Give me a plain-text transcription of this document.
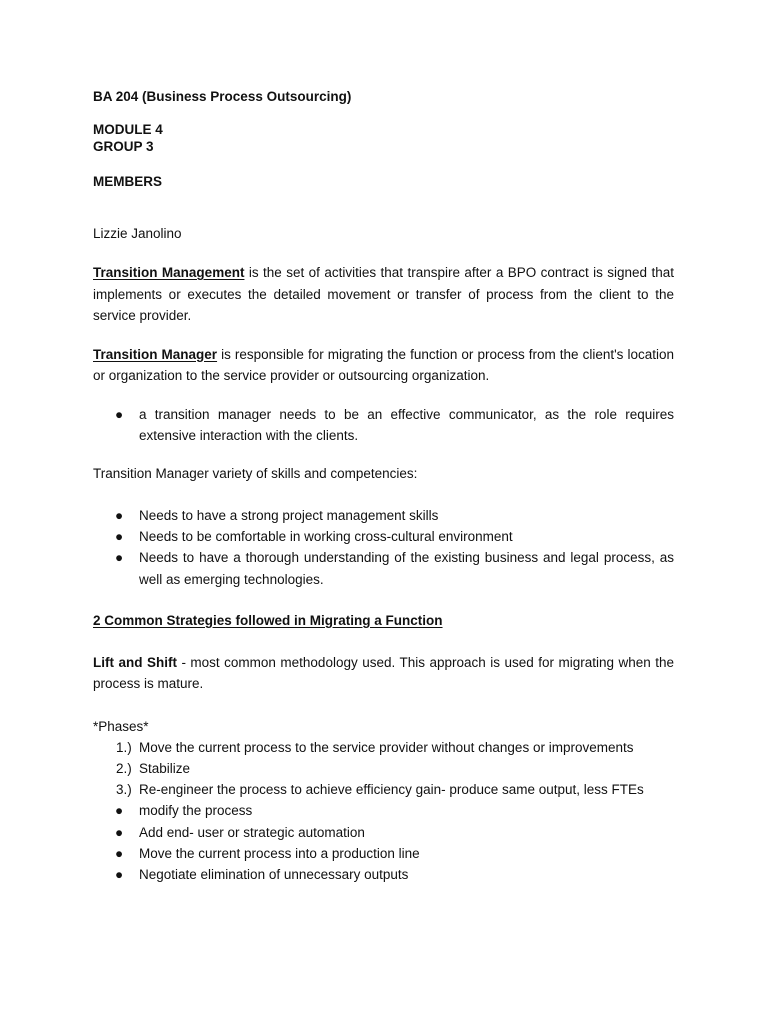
BA 204 (Business Process Outsourcing)

MODULE 4

GROUP 3

MEMBERS

Lizzie Janolino

Transition Management is the set of activities that transpire after a BPO contract is signed that implements or executes the detailed movement or transfer of process from the client to the service provider.

Transition Manager is responsible for migrating the function or process from the client's location or organization to the service provider or outsourcing organization.

● a transition manager needs to be an effective communicator, as the role requires extensive interaction with the clients.

Transition Manager variety of skills and competencies:

● Needs to have a strong project management skills
● Needs to be comfortable in working cross-cultural environment
● Needs to have a thorough understanding of the existing business and legal process, as well as emerging technologies.

2 Common Strategies followed in Migrating a Function

Lift and Shift - most common methodology used. This approach is used for migrating when the process is mature.

*Phases*

1.) Move the current process to the service provider without changes or improvements
2.) Stabilize
3.) Re-engineer the process to achieve efficiency gain- produce same output, less FTEs
● modify the process
● Add end- user or strategic automation
● Move the current process into a production line
● Negotiate elimination of unnecessary outputs
